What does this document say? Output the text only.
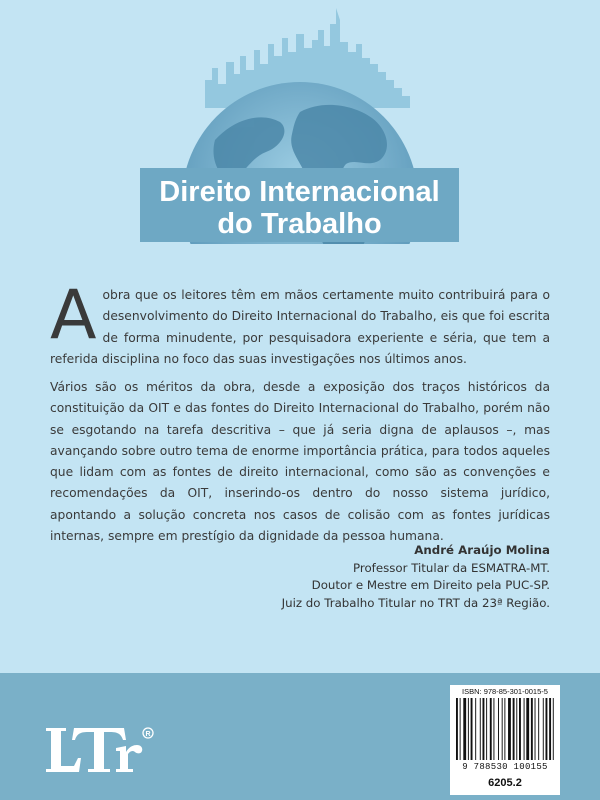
Direito Internacional
do Trabalho

A obra que os leitores têm em mãos certamente muito contribuirá para o desenvolvimento do Direito Internacional do Trabalho, eis que foi escrita de forma minudente, por pesquisadora experiente e séria, que tem a referida disciplina no foco das suas investigações nos últimos anos.

Vários são os méritos da obra, desde a exposição dos traços históricos da constituição da OIT e das fontes do Direito Internacional do Trabalho, porém não se esgotando na tarefa descritiva – que já seria digna de aplausos –, mas avançando sobre outro tema de enorme importância prática, para todos aqueles que lidam com as fontes de direito internacional, como são as convenções e recomendações da OIT, inserindo-os dentro do nosso sistema jurídico, apontando a solução concreta nos casos de colisão com as fontes jurídicas internas, sempre em prestígio da dignidade da pessoa humana.

André Araújo Molina
Professor Titular da ESMATRA-MT.
Doutor e Mestre em Direito pela PUC-SP.
Juiz do Trabalho Titular no TRT da 23ª Região.
R
ISBN: 978-85-301-0015-5
9 788530 100155
6205.2
